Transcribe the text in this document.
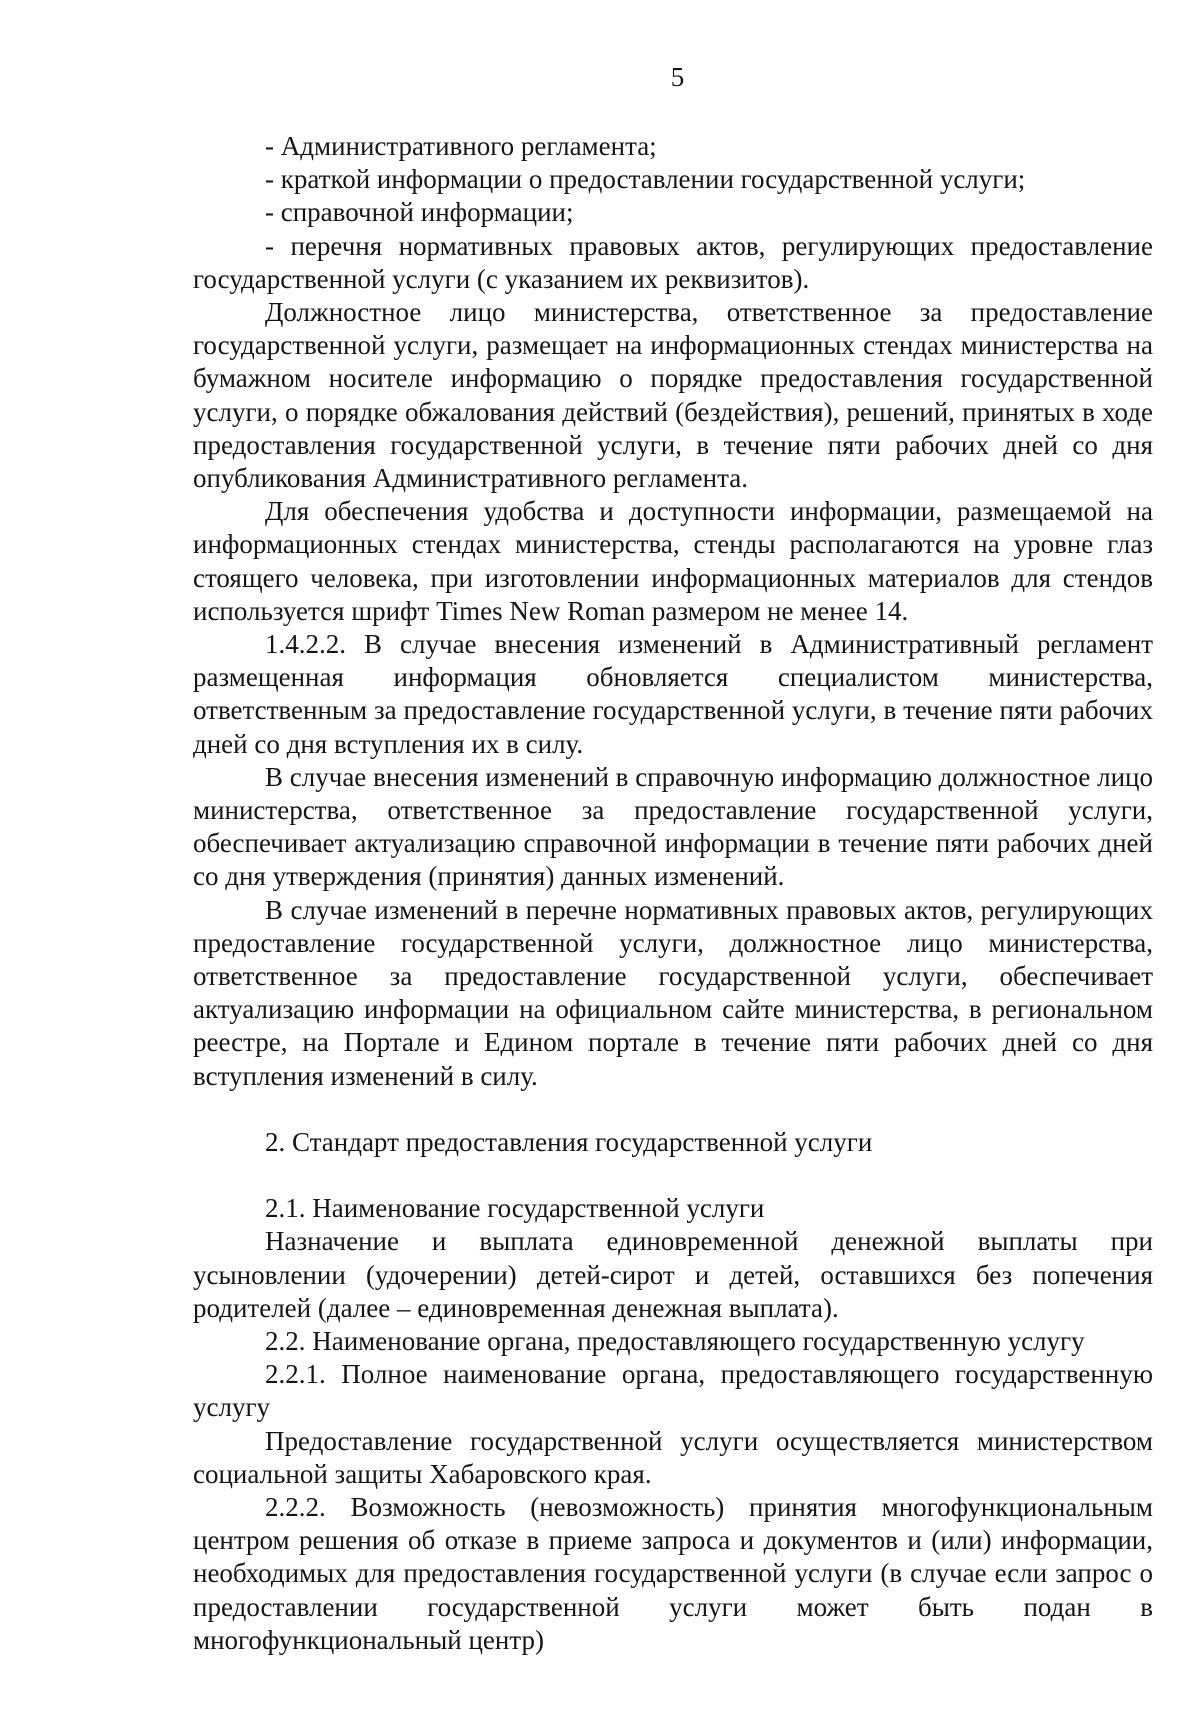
5

- Административного регламента;

- краткой информации о предоставлении государственной услуги;

- справочной информации;

- перечня нормативных правовых актов, регулирующих предоставление государственной услуги (с указанием их реквизитов).

Должностное лицо министерства, ответственное за предоставление государственной услуги, размещает на информационных стендах министерства на бумажном носителе информацию о порядке предоставления государственной услуги, о порядке обжалования действий (бездействия), решений, принятых в ходе предоставления государственной услуги, в течение пяти рабочих дней со дня опубликования Административного регламента.

Для обеспечения удобства и доступности информации, размещаемой на информационных стендах министерства, стенды располагаются на уровне глаз стоящего человека, при изготовлении информационных материалов для стендов используется шрифт Times New Roman размером не менее 14.

1.4.2.2. В случае внесения изменений в Административный регламент размещенная информация обновляется специалистом министерства, ответственным за предоставление государственной услуги, в течение пяти рабочих дней со дня вступления их в силу.

В случае внесения изменений в справочную информацию должностное лицо министерства, ответственное за предоставление государственной услуги, обеспечивает актуализацию справочной информации в течение пяти рабочих дней со дня утверждения (принятия) данных изменений.

В случае изменений в перечне нормативных правовых актов, регулирующих предоставление государственной услуги, должностное лицо министерства, ответственное за предоставление государственной услуги, обеспечивает актуализацию информации на официальном сайте министерства, в региональном реестре, на Портале и Едином портале в течение пяти рабочих дней со дня вступления изменений в силу.

2. Стандарт предоставления государственной услуги

2.1. Наименование государственной услуги

Назначение и выплата единовременной денежной выплаты при усыновлении (удочерении) детей-сирот и детей, оставшихся без попечения родителей (далее – единовременная денежная выплата).

2.2. Наименование органа, предоставляющего государственную услугу

2.2.1. Полное наименование органа, предоставляющего государственную услугу

Предоставление государственной услуги осуществляется министерством социальной защиты Хабаровского края.

2.2.2. Возможность (невозможность) принятия многофункциональным центром решения об отказе в приеме запроса и документов и (или) информации, необходимых для предоставления государственной услуги (в случае если запрос о предоставлении государственной услуги может быть подан в многофункциональный центр)
